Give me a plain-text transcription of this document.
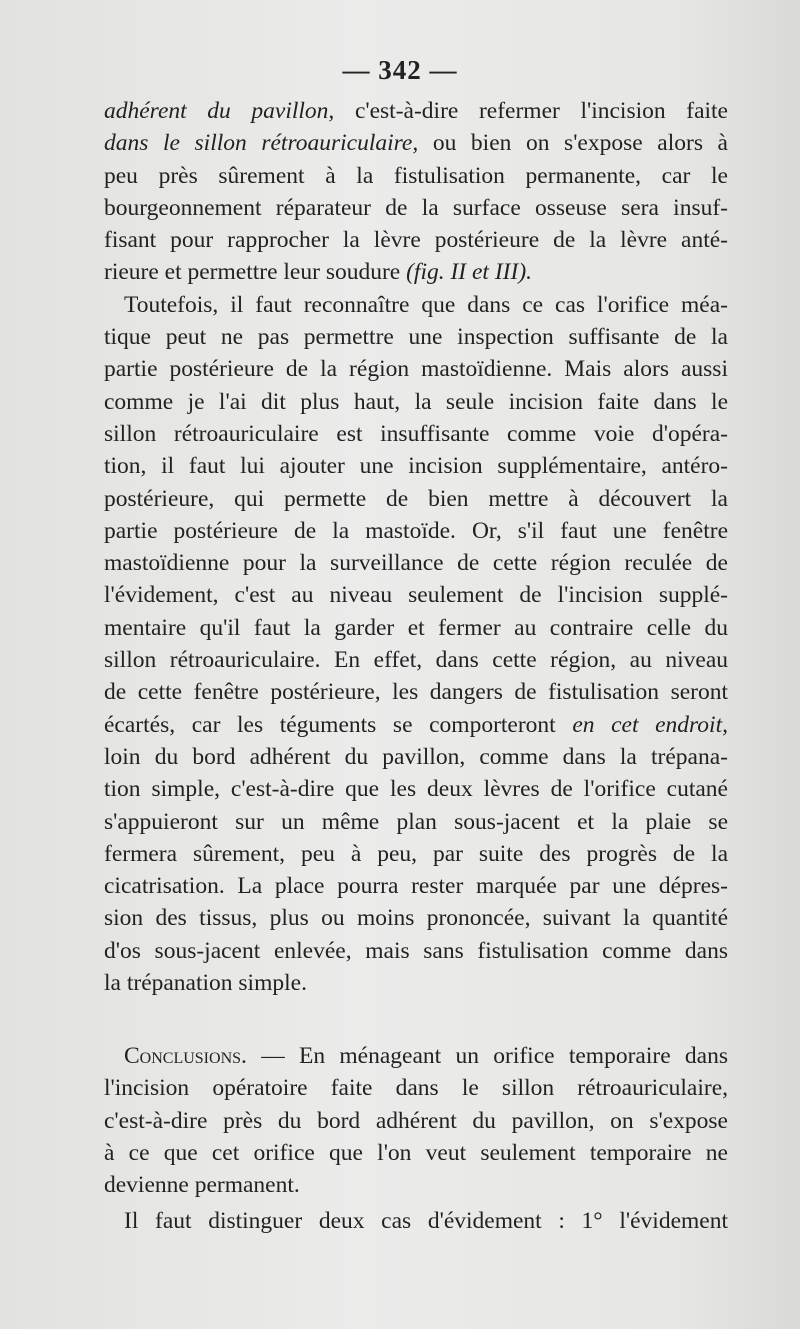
— 342 —
adhérent du pavillon, c'est-à-dire refermer l'incision faite
dans le sillon rétroauriculaire, ou bien on s'expose alors à
peu près sûrement à la fistulisation permanente, car le
bourgeonnement réparateur de la surface osseuse sera insuf-
fisant pour rapprocher la lèvre postérieure de la lèvre anté-
rieure et permettre leur soudure (fig. II et III).
Toutefois, il faut reconnaître que dans ce cas l'orifice méa-
tique peut ne pas permettre une inspection suffisante de la
partie postérieure de la région mastoïdienne. Mais alors aussi
comme je l'ai dit plus haut, la seule incision faite dans le
sillon rétroauriculaire est insuffisante comme voie d'opéra-
tion, il faut lui ajouter une incision supplémentaire, antéro-
postérieure, qui permette de bien mettre à découvert la
partie postérieure de la mastoïde. Or, s'il faut une fenêtre
mastoïdienne pour la surveillance de cette région reculée de
l'évidement, c'est au niveau seulement de l'incision supplé-
mentaire qu'il faut la garder et fermer au contraire celle du
sillon rétroauriculaire. En effet, dans cette région, au niveau
de cette fenêtre postérieure, les dangers de fistulisation seront
écartés, car les téguments se comporteront en cet endroit,
loin du bord adhérent du pavillon, comme dans la trépana-
tion simple, c'est-à-dire que les deux lèvres de l'orifice cutané
s'appuieront sur un même plan sous-jacent et la plaie se
fermera sûrement, peu à peu, par suite des progrès de la
cicatrisation. La place pourra rester marquée par une dépres-
sion des tissus, plus ou moins prononcée, suivant la quantité
d'os sous-jacent enlevée, mais sans fistulisation comme dans
la trépanation simple.
Conclusions. — En ménageant un orifice temporaire dans
l'incision opératoire faite dans le sillon rétroauriculaire,
c'est-à-dire près du bord adhérent du pavillon, on s'expose
à ce que cet orifice que l'on veut seulement temporaire ne
devienne permanent.
Il faut distinguer deux cas d'évidement : 1° l'évidement
